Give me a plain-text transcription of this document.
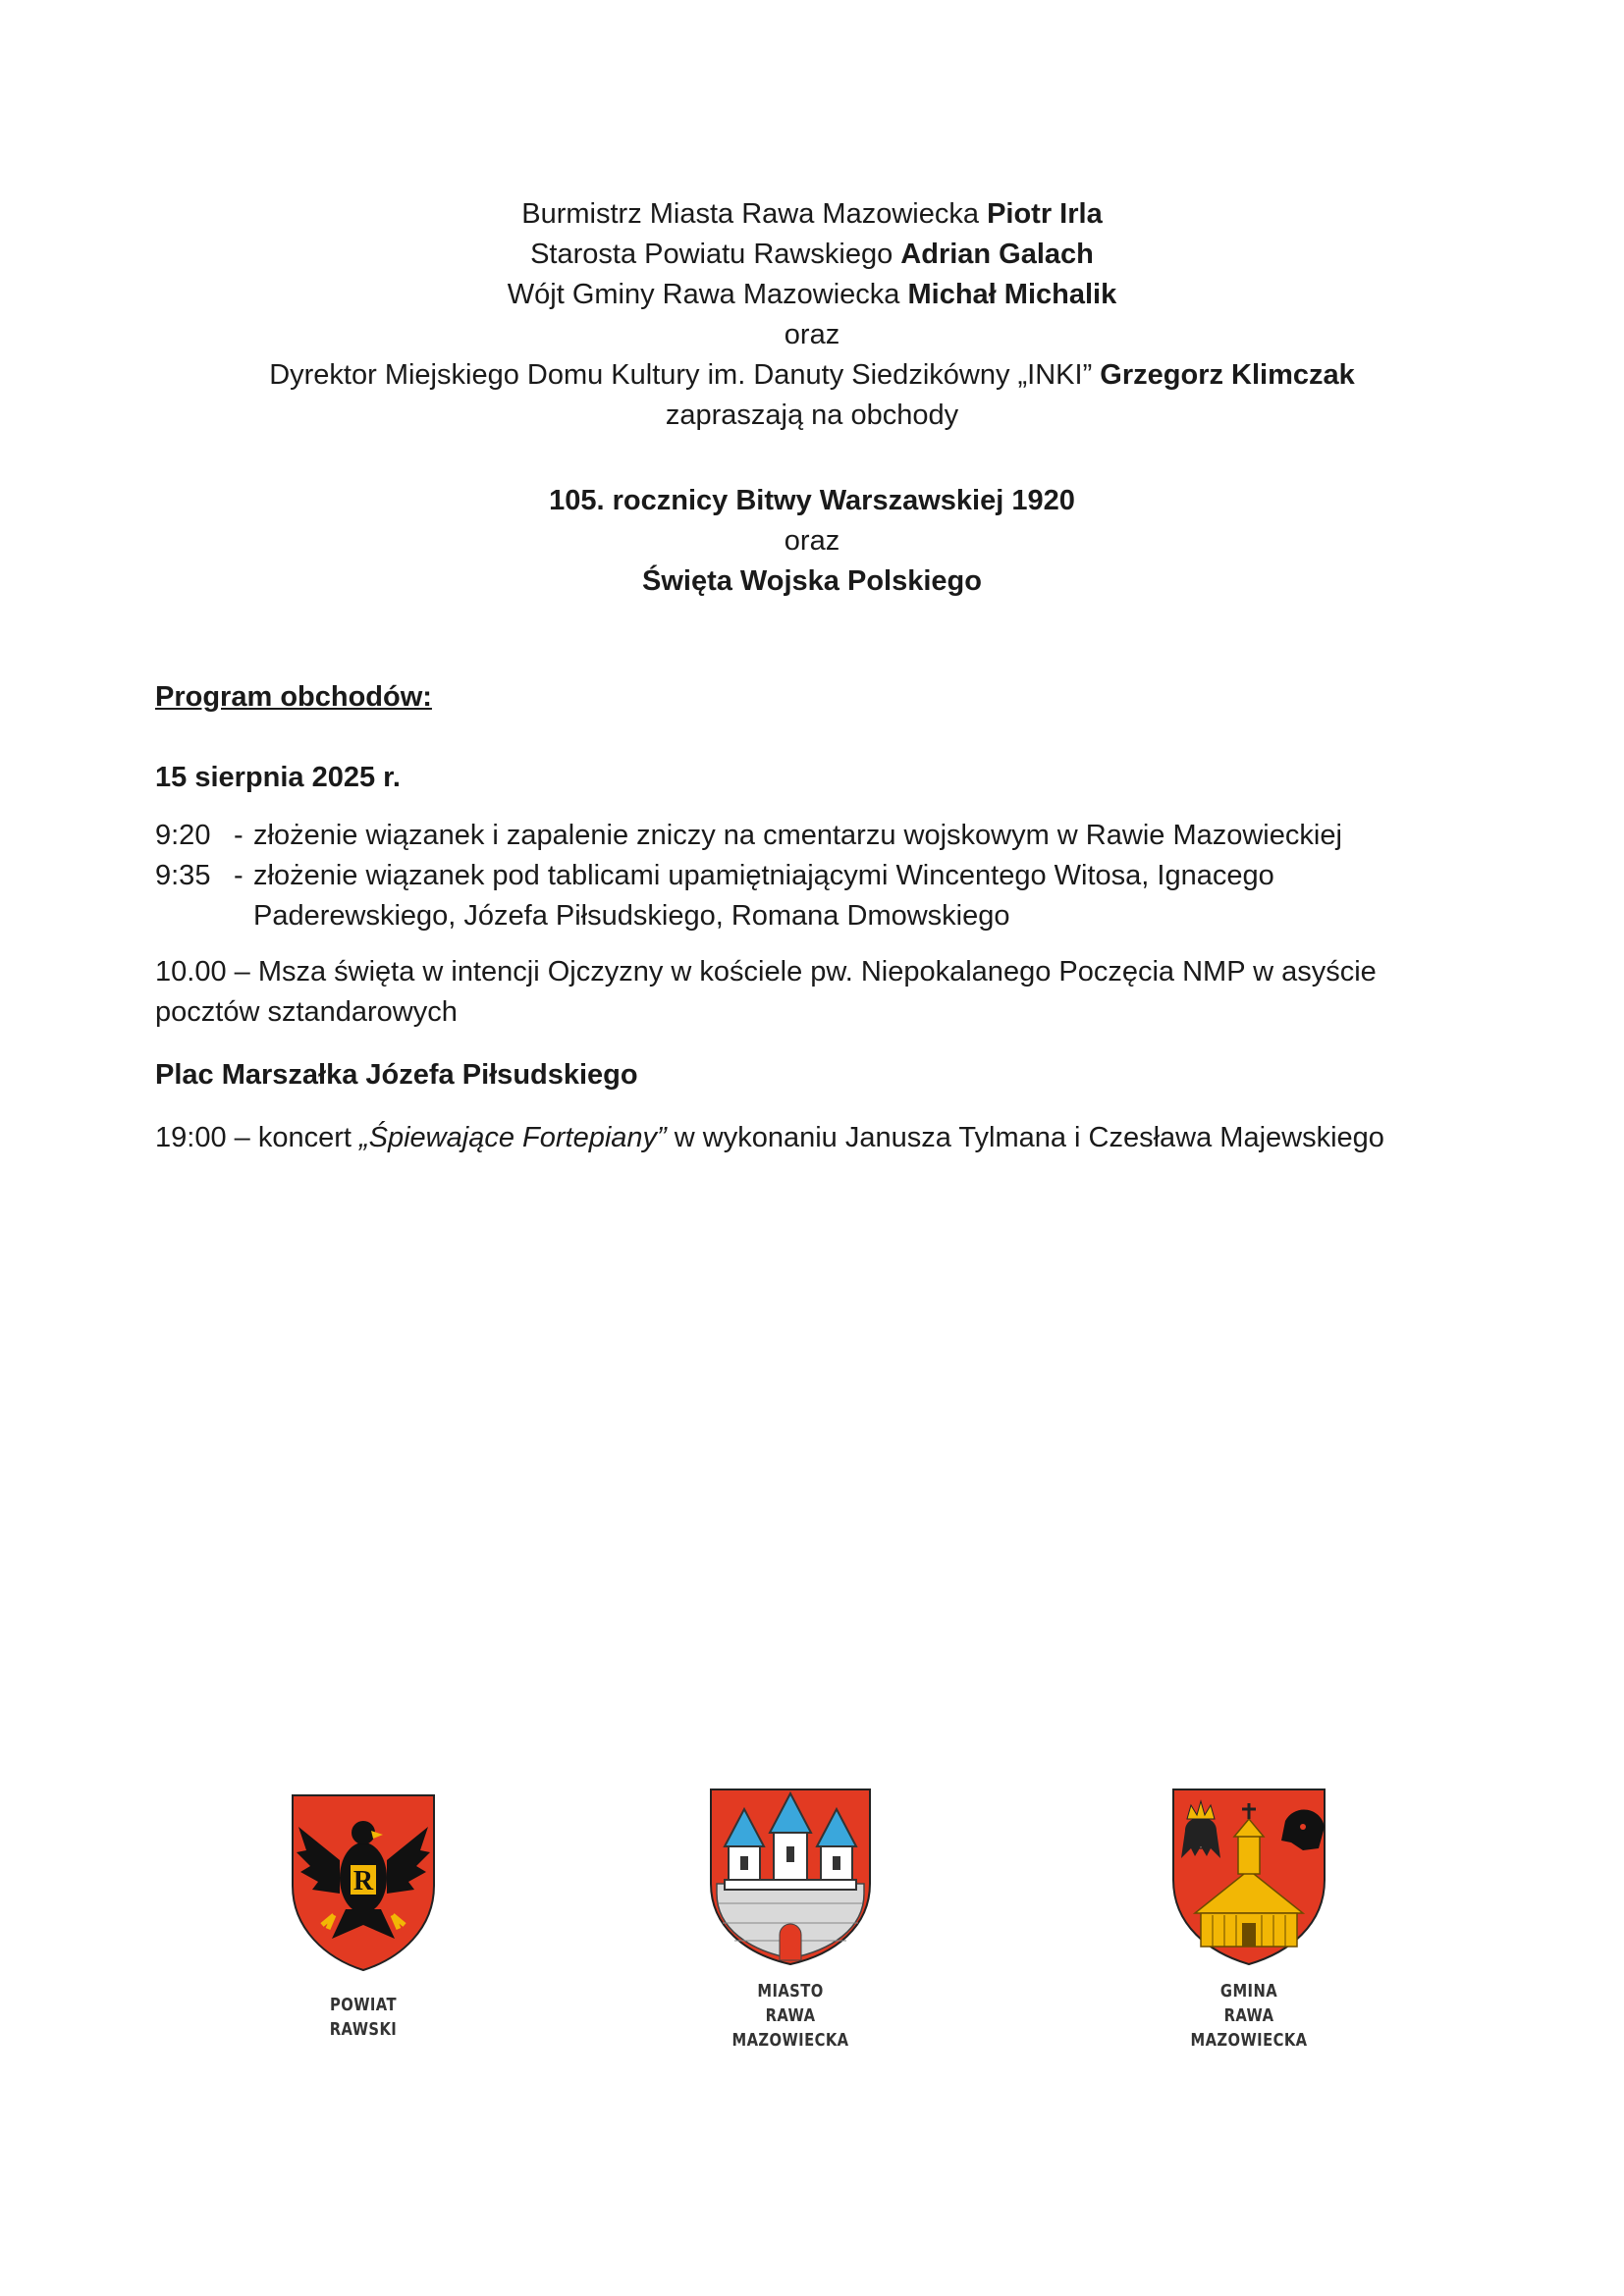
Burmistrz Miasta Rawa Mazowiecka Piotr Irla
Starosta Powiatu Rawskiego Adrian Galach
Wójt Gminy Rawa Mazowiecka Michał Michalik
oraz
Dyrektor Miejskiego Domu Kultury im. Danuty Siedzikówny „INKI” Grzegorz Klimczak
zapraszają na obchody
105. rocznicy Bitwy Warszawskiej 1920
oraz
Święta Wojska Polskiego
Program obchodów:
15 sierpnia 2025 r.
9:20 - złożenie wiązanek i zapalenie zniczy na cmentarzu wojskowym w Rawie Mazowieckiej
9:35 - złożenie wiązanek pod tablicami upamiętniającymi Wincentego Witosa, Ignacego Paderewskiego, Józefa Piłsudskiego, Romana Dmowskiego
10.00 – Msza święta w intencji Ojczyzny w kościele pw. Niepokalanego Poczęcia NMP w asyście
pocztów sztandarowych
Plac Marszałka Józefa Piłsudskiego
19:00 – koncert „Śpiewające Fortepiany” w wykonaniu Janusza Tylmana i Czesława Majewskiego
R
POWIAT RAWSKI
MIASTO
RAWA MAZOWIECKA
GMINA
RAWA MAZOWIECKA
